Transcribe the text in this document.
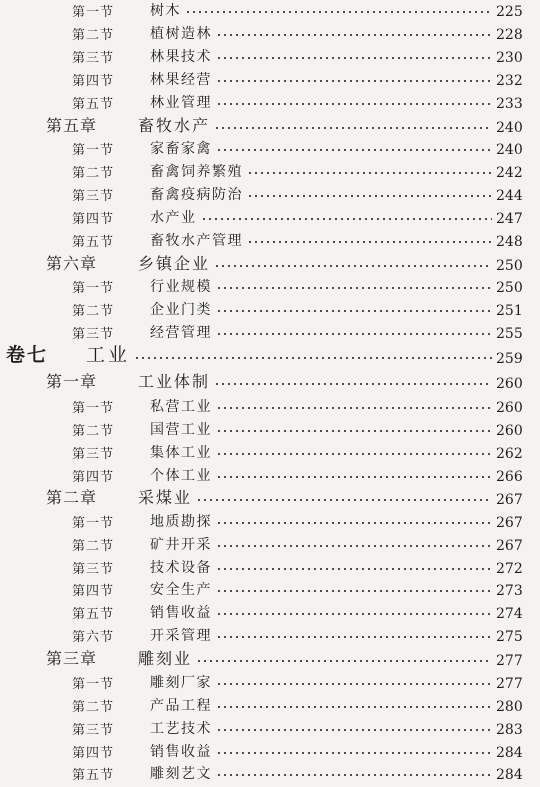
第一节	树木	225
第二节	植树造林	228
第三节	林果技术	230
第四节	林果经营	232
第五节	林业管理	233
第五章	畜牧水产	240
第一节	家畜家禽	240
第二节	畜禽饲养繁殖	242
第三节	畜禽疫病防治	244
第四节	水产业	247
第五节	畜牧水产管理	248
第六章	乡镇企业	250
第一节	行业规模	250
第二节	企业门类	251
第三节	经营管理	255
卷七	工业	259
第一章	工业体制	260
第一节	私营工业	260
第二节	国营工业	260
第三节	集体工业	262
第四节	个体工业	266
第二章	采煤业	267
第一节	地质勘探	267
第二节	矿井开采	267
第三节	技术设备	272
第四节	安全生产	273
第五节	销售收益	274
第六节	开采管理	275
第三章	雕刻业	277
第一节	雕刻厂家	277
第二节	产品工程	280
第三节	工艺技术	283
第四节	销售收益	284
第五节	雕刻艺文	284
